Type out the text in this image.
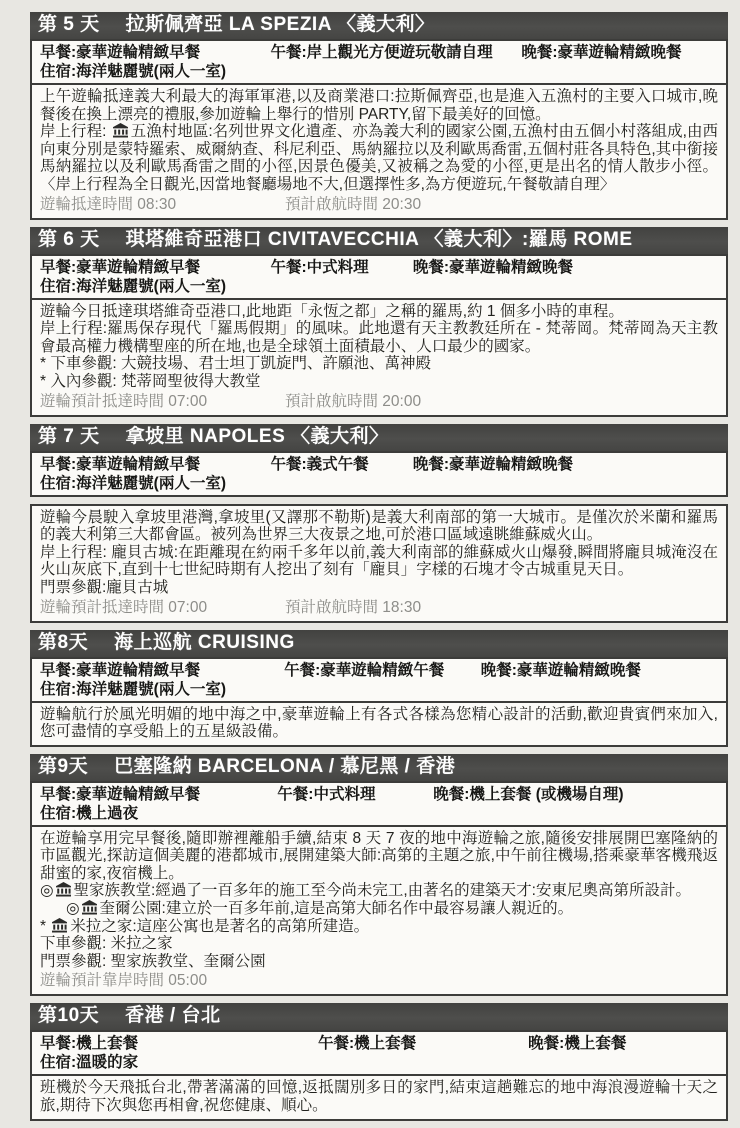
第 5 天 拉斯佩齊亞 LA SPEZIA 〈義大利〉
早餐:豪華遊輪精緻早餐	午餐:岸上觀光方便遊玩敬請自理 晚餐:豪華遊輪精緻晚餐
住宿:海洋魅麗號(兩人一室)
上午遊輪抵達義大利最大的海軍軍港,以及商業港口:拉斯佩齊亞,也是進入五漁村的主要入口城市,晚餐後在換上漂亮的禮服,參加遊輪上舉行的惜別 PARTY,留下最美好的回憶。
岸上行程: 五漁村地區:名列世界文化遺產、亦為義大利的國家公園,五漁村由五個小村落組成,由西向東分別是蒙特羅索、威爾納查、科尼利亞、馬納羅拉以及利歐馬喬雷,五個村莊各具特色,其中銜接馬納羅拉以及利歐馬喬雷之間的小徑,因景色優美,又被稱之為愛的小徑,更是出名的情人散步小徑。〈岸上行程為全日觀光,因當地餐廳場地不大,但選擇性多,為方便遊玩,午餐敬請自理〉
遊輪抵達時間 08:30	預計啟航時間 20:30
第 6 天 琪塔維奇亞港口 CIVITAVECCHIA 〈義大利〉:羅馬 ROME
早餐:豪華遊輪精緻早餐	午餐:中式料理	晚餐:豪華遊輪精緻晚餐
住宿:海洋魅麗號(兩人一室)
遊輪今日抵達琪塔維奇亞港口,此地距「永恆之都」之稱的羅馬,約 1 個多小時的車程。
岸上行程:羅馬保存現代「羅馬假期」的風味。此地還有天主教教廷所在 - 梵蒂岡。梵蒂岡為天主教會最高權力機構聖座的所在地,也是全球領土面積最小、人口最少的國家。
* 下車參觀: 大競技場、君士坦丁凱旋門、許願池、萬神殿
* 入內參觀: 梵蒂岡聖彼得大教堂
遊輪預計抵達時間 07:00	預計啟航時間 20:00
第 7 天 拿坡里 NAPOLES 〈義大利〉
早餐:豪華遊輪精緻早餐	午餐:義式午餐	晚餐:豪華遊輪精緻晚餐
住宿:海洋魅麗號(兩人一室)
遊輪今晨駛入拿坡里港灣,拿坡里(又譯那不勒斯)是義大利南部的第一大城市。是僅次於米蘭和羅馬的義大利第三大都會區。被列為世界三大夜景之地,可於港口區域遠眺維蘇威火山。
岸上行程: 龐貝古城:在距離現在約兩千多年以前,義大利南部的維蘇威火山爆發,瞬間將龐貝城淹沒在火山灰底下,直到十七世紀時期有人挖出了刻有「龐貝」字樣的石塊才令古城重見天日。
門票參觀:龐貝古城
遊輪預計抵達時間 07:00	預計啟航時間 18:30
第8天 海上巡航 CRUISING
早餐:豪華遊輪精緻早餐	午餐:豪華遊輪精緻午餐 晚餐:豪華遊輪精緻晚餐
住宿:海洋魅麗號(兩人一室)
遊輪航行於風光明媚的地中海之中,豪華遊輪上有各式各樣為您精心設計的活動,歡迎貴賓們來加入,您可盡情的享受船上的五星級設備。
第9天 巴塞隆納 BARCELONA / 慕尼黑 / 香港
早餐:豪華遊輪精緻早餐	午餐:中式料理	晚餐:機上套餐 (或機場自理)
住宿:機上過夜
在遊輪享用完早餐後,隨即辦裡離船手續,結束 8 天 7 夜的地中海遊輪之旅,隨後安排展開巴塞隆納的市區觀光,探訪這個美麗的港都城市,展開建築大師:高第的主題之旅,中午前往機場,搭乘豪華客機飛返甜蜜的家,夜宿機上。
◎ 聖家族教堂:經過了一百多年的施工至今尚未完工,由著名的建築天才:安東尼奧高第所設計。
◎ 奎爾公園:建立於一百多年前,這是高第大師名作中最容易讓人親近的。
* 米拉之家:這座公寓也是著名的高第所建造。
下車參觀: 米拉之家
門票參觀: 聖家族教堂、奎爾公園
遊輪預計靠岸時間 05:00
第10天 香港 / 台北
早餐:機上套餐	午餐:機上套餐	晚餐:機上套餐
住宿:溫暖的家
班機於今天飛抵台北,帶著滿滿的回憶,返抵闊別多日的家門,結束這趟難忘的地中海浪漫遊輪十天之旅,期待下次與您再相會,祝您健康、順心。
